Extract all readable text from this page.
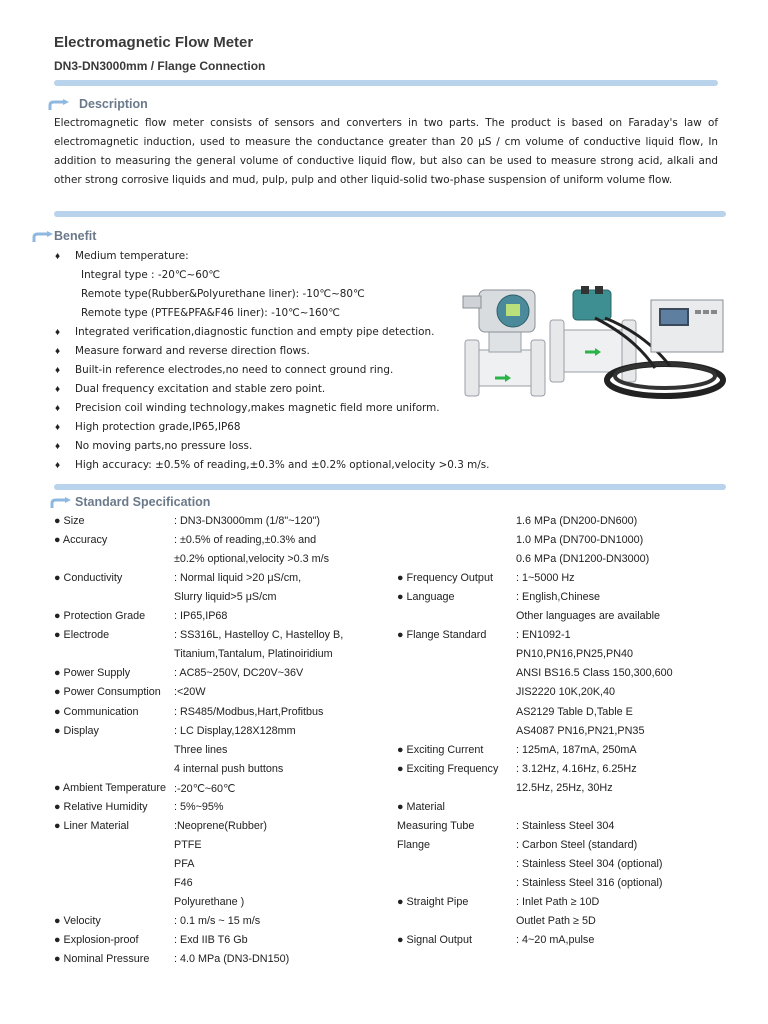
Electromagnetic Flow Meter
DN3-DN3000mm / Flange Connection
Description

Electromagnetic flow meter consists of sensors and converters in two parts. The product is based on Faraday's law of electromagnetic induction, used to measure the conductance greater than 20 μS / cm volume of conductive liquid flow, In addition to measuring the general volume of conductive liquid flow, but also can be used to measure strong acid, alkali and other strong corrosive liquids and mud, pulp, pulp and other liquid-solid two-phase suspension of uniform volume flow.

Benefit
♦ Medium temperature:
Integral type : -20℃~60℃
Remote type(Rubber&Polyurethane liner): -10℃~80℃
Remote type (PTFE&PFA&F46 liner): -10℃~160℃
♦ Integrated verification,diagnostic function and empty pipe detection.
♦ Measure forward and reverse direction flows.
♦ Built-in reference electrodes,no need to connect ground ring.
♦ Dual frequency excitation and stable zero point.
♦ Precision coil winding technology,makes magnetic field more uniform.
♦ High protection grade,IP65,IP68
♦ No moving parts,no pressure loss.
♦ High accuracy: ±0.5% of reading,±0.3% and ±0.2% optional,velocity >0.3 m/s.
Standard Specification
● Size	: DN3-DN3000mm (1/8"~120")	1.6 MPa (DN200-DN600)
● Accuracy	: ±0.5% of reading,±0.3% and	1.0 MPa (DN700-DN1000)
±0.2% optional,velocity >0.3 m/s	0.6 MPa (DN1200-DN3000)
● Conductivity	: Normal liquid >20 μS/cm,	● Frequency Output : 1~5000 Hz
Slurry liquid>5 μS/cm	● Language	: English,Chinese
● Protection Grade	: IP65,IP68	Other languages are available
● Electrode	: SS316L, Hastelloy C, Hastelloy B,	● Flange Standard	: EN1092-1
Titanium,Tantalum, Platinoiridium	PN10,PN16,PN25,PN40
● Power Supply	: AC85~250V, DC20V~36V	ANSI BS16.5 Class 150,300,600
● Power Consumption :<20W	JIS2220 10K,20K,40
● Communication	: RS485/Modbus,Hart,Profitbus	AS2129 Table D,Table E
● Display	: LC Display,128X128mm	AS4087 PN16,PN21,PN35
Three lines	● Exciting Current	: 125mA, 187mA, 250mA
4 internal push buttons	● Exciting Frequency : 3.12Hz, 4.16Hz, 6.25Hz
● Ambient Temperature :-20℃~60℃	12.5Hz, 25Hz, 30Hz
● Relative Humidity : 5%~95%	● Material
● Liner Material	:Neoprene(Rubber)	Measuring Tube	: Stainless Steel 304
PTFE	Flange	: Carbon Steel (standard)
PFA	: Stainless Steel 304 (optional)
F46	: Stainless Steel 316 (optional)
Polyurethane )	● Straight Pipe	: Inlet Path ≥ 10D
● Velocity	: 0.1 m/s ~ 15 m/s	Outlet Path ≥ 5D
● Explosion-proof	: Exd IIB T6 Gb	● Signal Output	: 4~20 mA,pulse
● Nominal Pressure : 4.0 MPa (DN3-DN150)
